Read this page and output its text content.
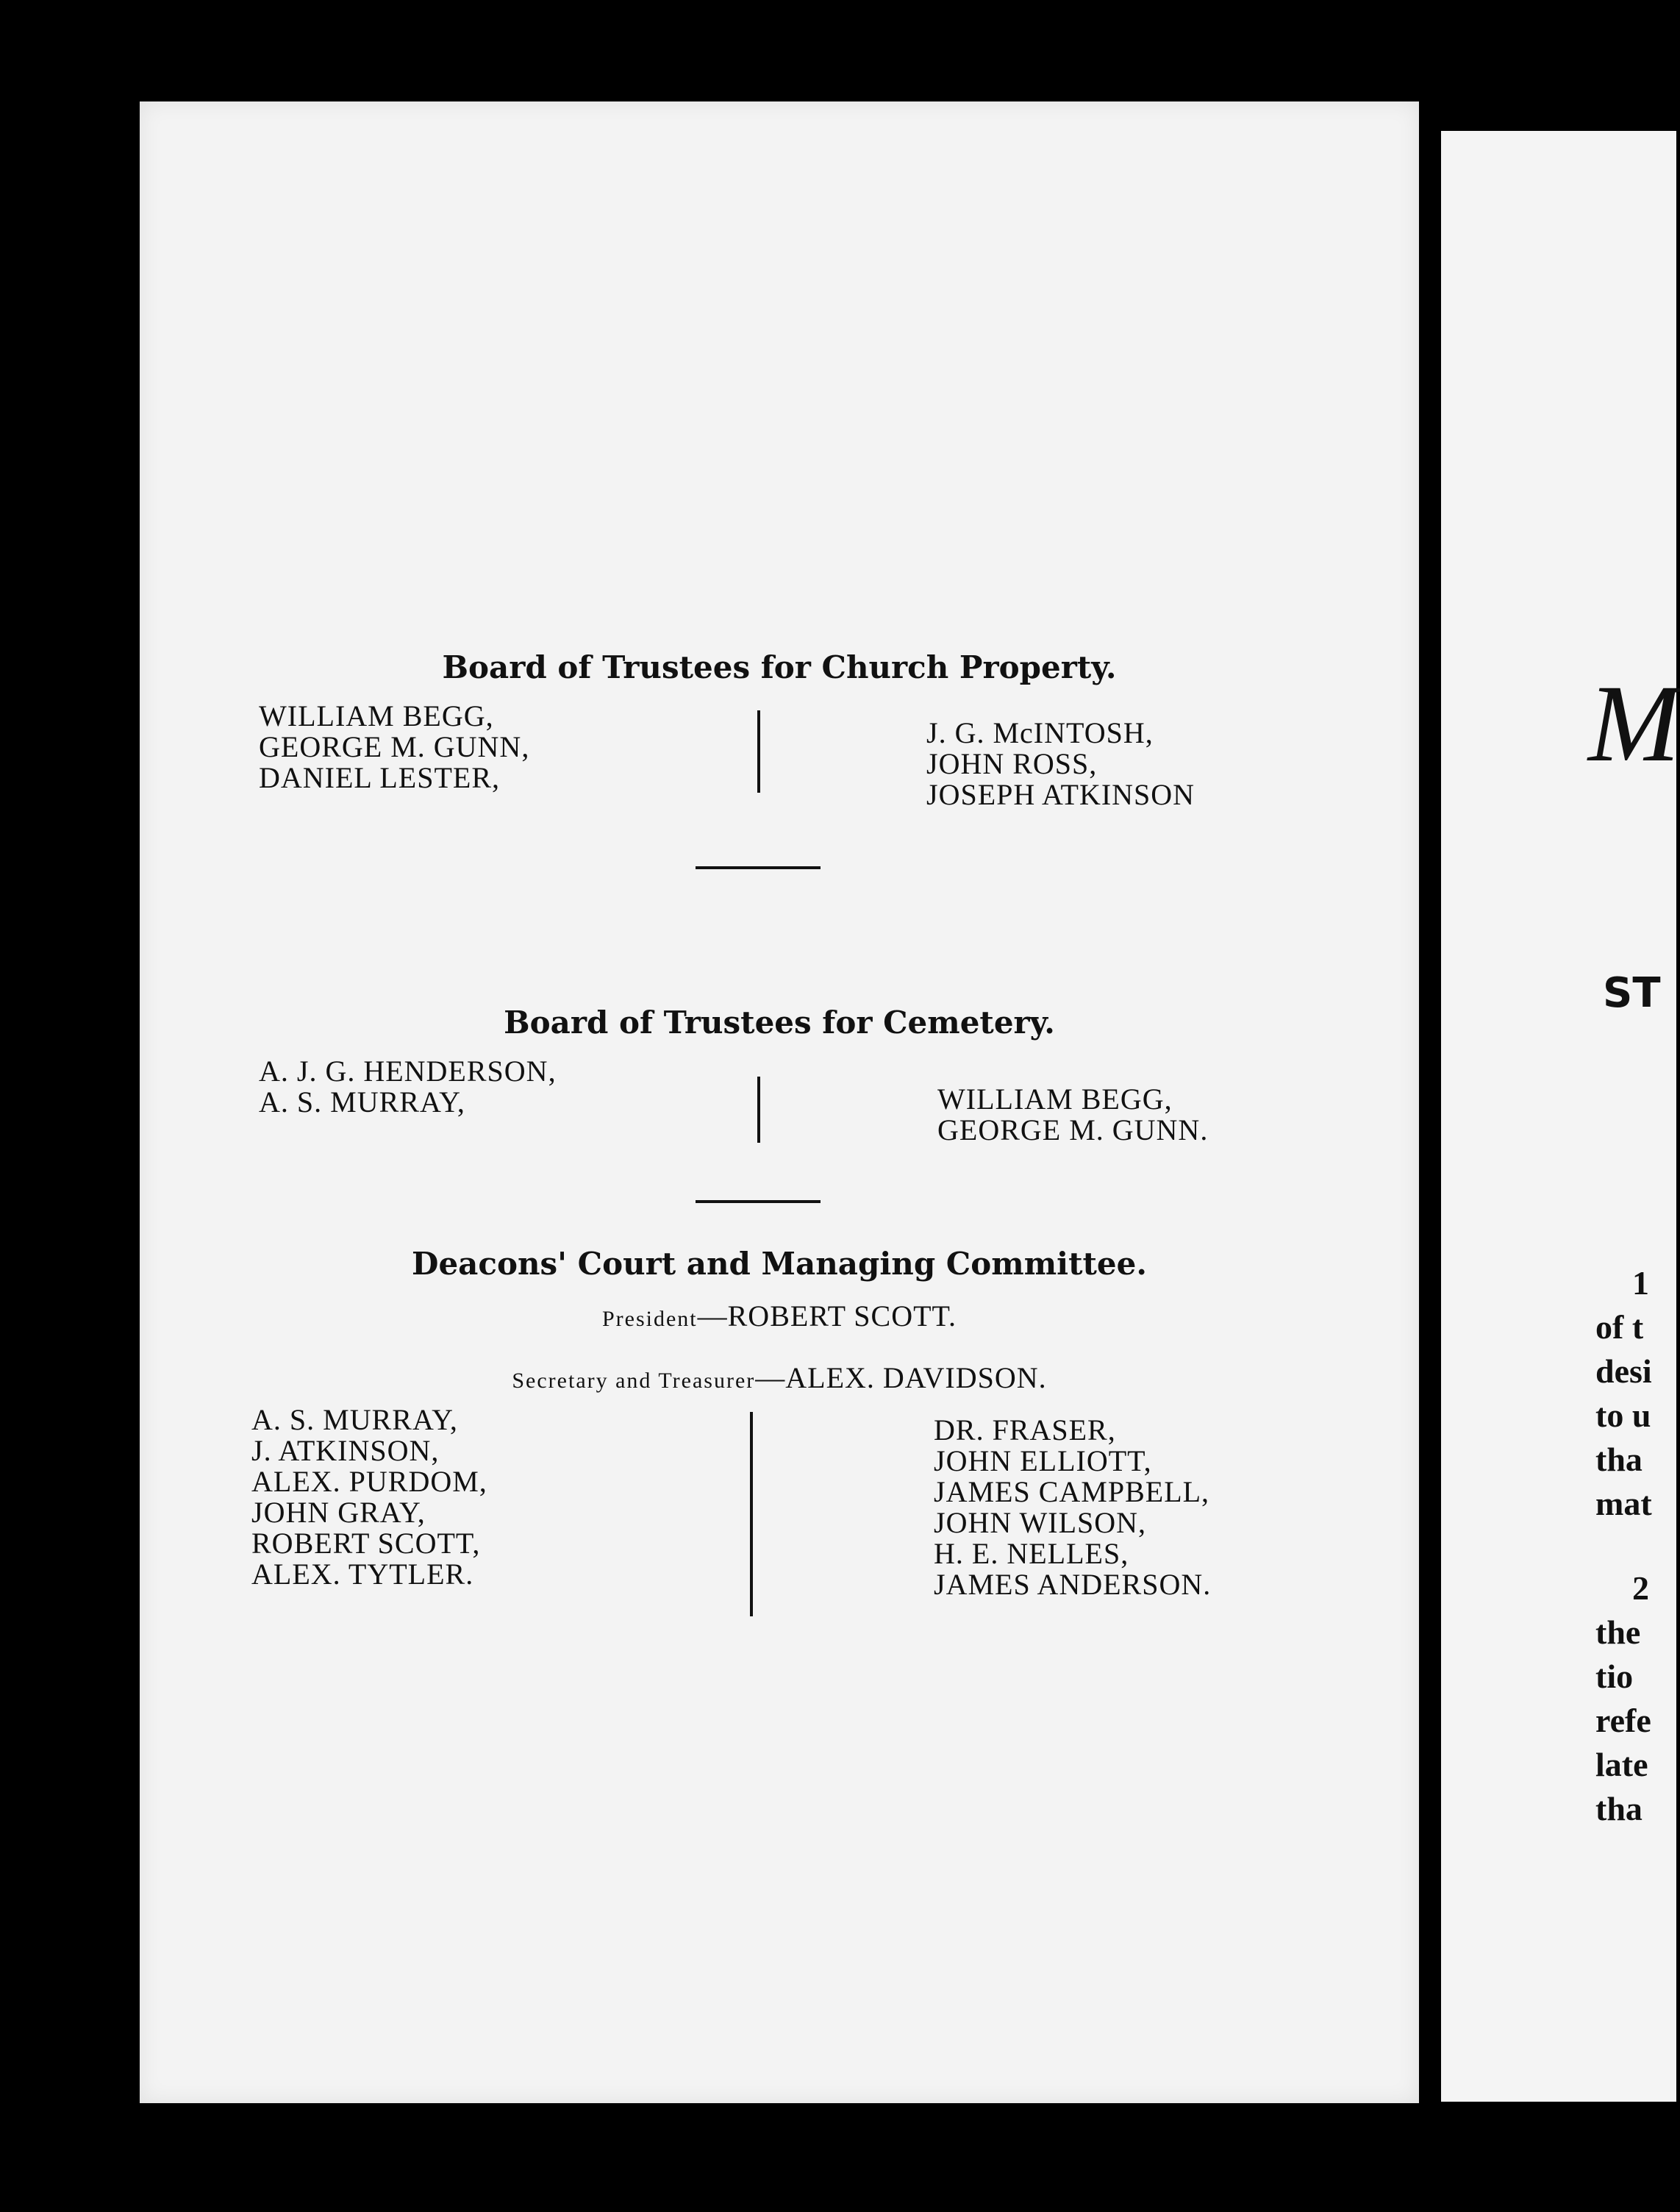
Board of Trustees for Church Property.
WILLIAM BEGG,
GEORGE M. GUNN,
DANIEL LESTER,
J. G. McINTOSH,
JOHN ROSS,
JOSEPH ATKINSON
Board of Trustees for Cemetery.
A. J. G. HENDERSON,
A. S. MURRAY,	WILLIAM BEGG,
GEORGE M. GUNN.
Deacons' Court and Managing Committee.
President—ROBERT SCOTT.
Secretary and Treasurer—ALEX. DAVIDSON.
A. S. MURRAY,
J. ATKINSON,
ALEX. PURDOM,
JOHN GRAY,
ROBERT SCOTT,
ALEX. TYTLER.
DR. FRASER,
JOHN ELLIOTT,
JAMES CAMPBELL,
JOHN WILSON,
H. E. NELLES,
JAMES ANDERSON.
M
ST
1
of t
desi
to u
tha
mat
2
the
tio
refe
late
tha
